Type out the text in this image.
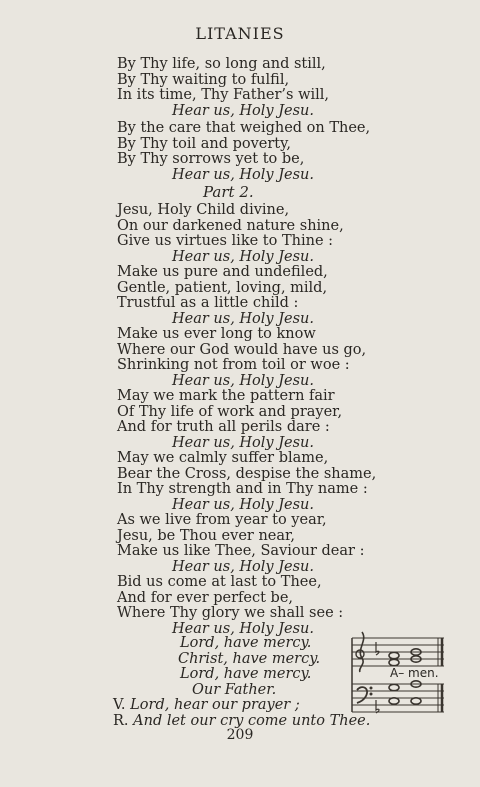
LITANIES
By Thy life, so long and still,
By Thy waiting to fulfil,
In its time, Thy Father’s will,
Hear us, Holy Jesu.
By the care that weighed on Thee,
By Thy toil and poverty,
By Thy sorrows yet to be,
Hear us, Holy Jesu.
Part 2.
Jesu, Holy Child divine,
On our darkened nature shine,
Give us virtues like to Thine :
Hear us, Holy Jesu.
Make us pure and undefiled,
Gentle, patient, loving, mild,
Trustful as a little child :
Hear us, Holy Jesu.
Make us ever long to know
Where our God would have us go,
Shrinking not from toil or woe :
Hear us, Holy Jesu.
May we mark the pattern fair
Of Thy life of work and prayer,
And for truth all perils dare :
Hear us, Holy Jesu.
May we calmly suffer blame,
Bear the Cross, despise the shame,
In Thy strength and in Thy name :
Hear us, Holy Jesu.
As we live from year to year,
Jesu, be Thou ever near,
Make us like Thee, Saviour dear :
Hear us, Holy Jesu.
Bid us come at last to Thee,
And for ever perfect be,
Where Thy glory we shall see :
Hear us, Holy Jesu.
Lord, have mercy.
Christ, have mercy.
Lord, have mercy.
Our Father.
A– men.
V. Lord, hear our prayer ;
R. And let our cry come unto Thee.
209
